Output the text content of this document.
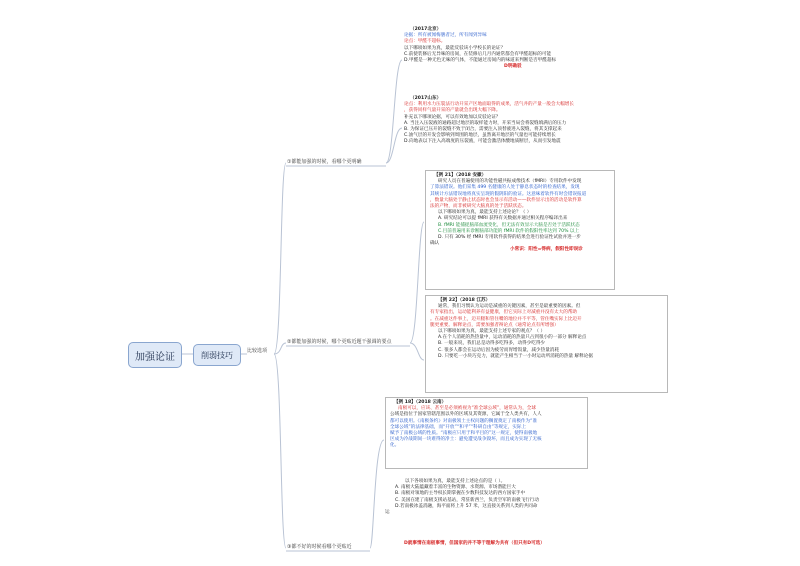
加强论证	削弱技巧	比较选项
①都能加强的时候，看哪个更明确
②都能加强的时候，哪个更贴近题干强调的要点
③都不好的时候看哪个更贴近
（2017北京）
论据：所有被闻梅膳者过，所有闻到异味
论点：甲醛不超标。
以下哪项如果为真，最能反驳该小学校长的论证？
C.前使装修后无异味的房间，在装修后几月内通常都会有甲醛超标的可能
D.甲醛是一种无色无味的气体，不能通过房间内的味道来判断是否甲醛超标
D明确驳
（2017山东）
论点：利用水力压裂法行动开采产区地面取得的成果，活气井的产量一般会大幅增长
，获得同样气量开采的产量就会出现大幅下降。
补充以下哪项论据，可以有效地加以反驳论证？
A. 当注入压裂液的通路超过地层的取样能力时，开采当局会将裂缝填满后的压力
B. 为保证已压开的裂缝不致于闭合，需要注入顶替液进入裂缝，将其支撑起来
C.油气层的开发会影响到周围的地层，虽然离开地层的气量也可能持续增长
D.向地表以下注入高端度的压裂液，可能会激活体酸地质断层，从而引发地震
【例 21】（2018 安徽）
研究人员在普遍使用的功能性磁共振成像技术（fMRI）专用软件中发现
了算法错误。他们采集 499 名健康的人处于静息状态时的检查结果，发现
其统计方法错误地将真实呈现的假阴阳的验证。这意味着软件有时会错误报道
，数量大脑处于静止状态时也会显示有活动——软件显示出的活动是软件算
法的产物，而非被研究大脑真的处于活跃状态。
以下哪项如果为真，最能支持上述论论？（ ）
A. 研究结论可以提 fMRI 获得有关数据并通过相关程序编译出来
B. fMRI 能捕捉脑部血流变化，但无法有效显示大脑是否处于活跃状态
C.目前普遍用来诊断脑部功能的 fMRI 软件的假阳性率达到 70% 以上
D. 只有 30% 经 fMRI 专用软件获得的结果会进行验证性试验并进一步
确认
小常识：阳性=得病，假阳性即误诊
【例 22】（2018 江苏）
通常，我们习惯认为运动是减重的关键因素，甚至是最重要的因素。但
有专家指出，运动能利养有益健康，但它实际上对减重并没有太大的帮助
。在减重这件事上，迈开腿和管住嘴的地位并不平等，管住嘴实际上比迈开
腿更重要。解释论点，需要加强者辩论点（通常论点有所增强）
以下哪项如果为真，最能支持上述专家的观点？（ ）
A.在个人消耗的热热量中，运动消耗的热量只占到很小的一部分 解释论点
B. 一般来说，我们总是动得多吃得多，动得少吃得少
C. 很多人都会在运动后因为疲劳而胃增饭量，减少热量消耗
D. 只要吃一小块巧克力，就能产生相当于一小时运动所消耗的热量 解释论据
【例 18】（2018 云南）
南极可以，应该、甚至是必须被视为“准全球公域”，通常认为，全球
公域是指位于国家管辖范围以外的区域及其资源，它属于全人类共有，人人
都可以使用。《南极条约》对南极领土主权问题的搁置奠定了南极作为“准
全球公域”的法律基础，而“开放”“和平”“科研自由”等规定，实际上
赋予了南极公域的性质。“南极应只用于和平目的”这一规定，使得南极地
区成为冷战期间一块难得的净土：避免遭受战争毁坏，而且成为实现了无核
化。
以下各项如果为真，最能支持上述论点的是（ ）。
A. 南极大陆蕴藏着丰富的生物资源、水资源、市场潜能巨大
B. 南极对领地的主导权长期掌握在少数科技发达的西方国家手中
C. 美国在建了南极支援站基站，常驻新西兰，负责空军的南极飞行行动
D.若南极冰盖消融，海平面将上升 57 米，这直接关系到人类的共同命
运
D就事情在南极事情，但国家的并不等于理解为共有（但只有D可选）
